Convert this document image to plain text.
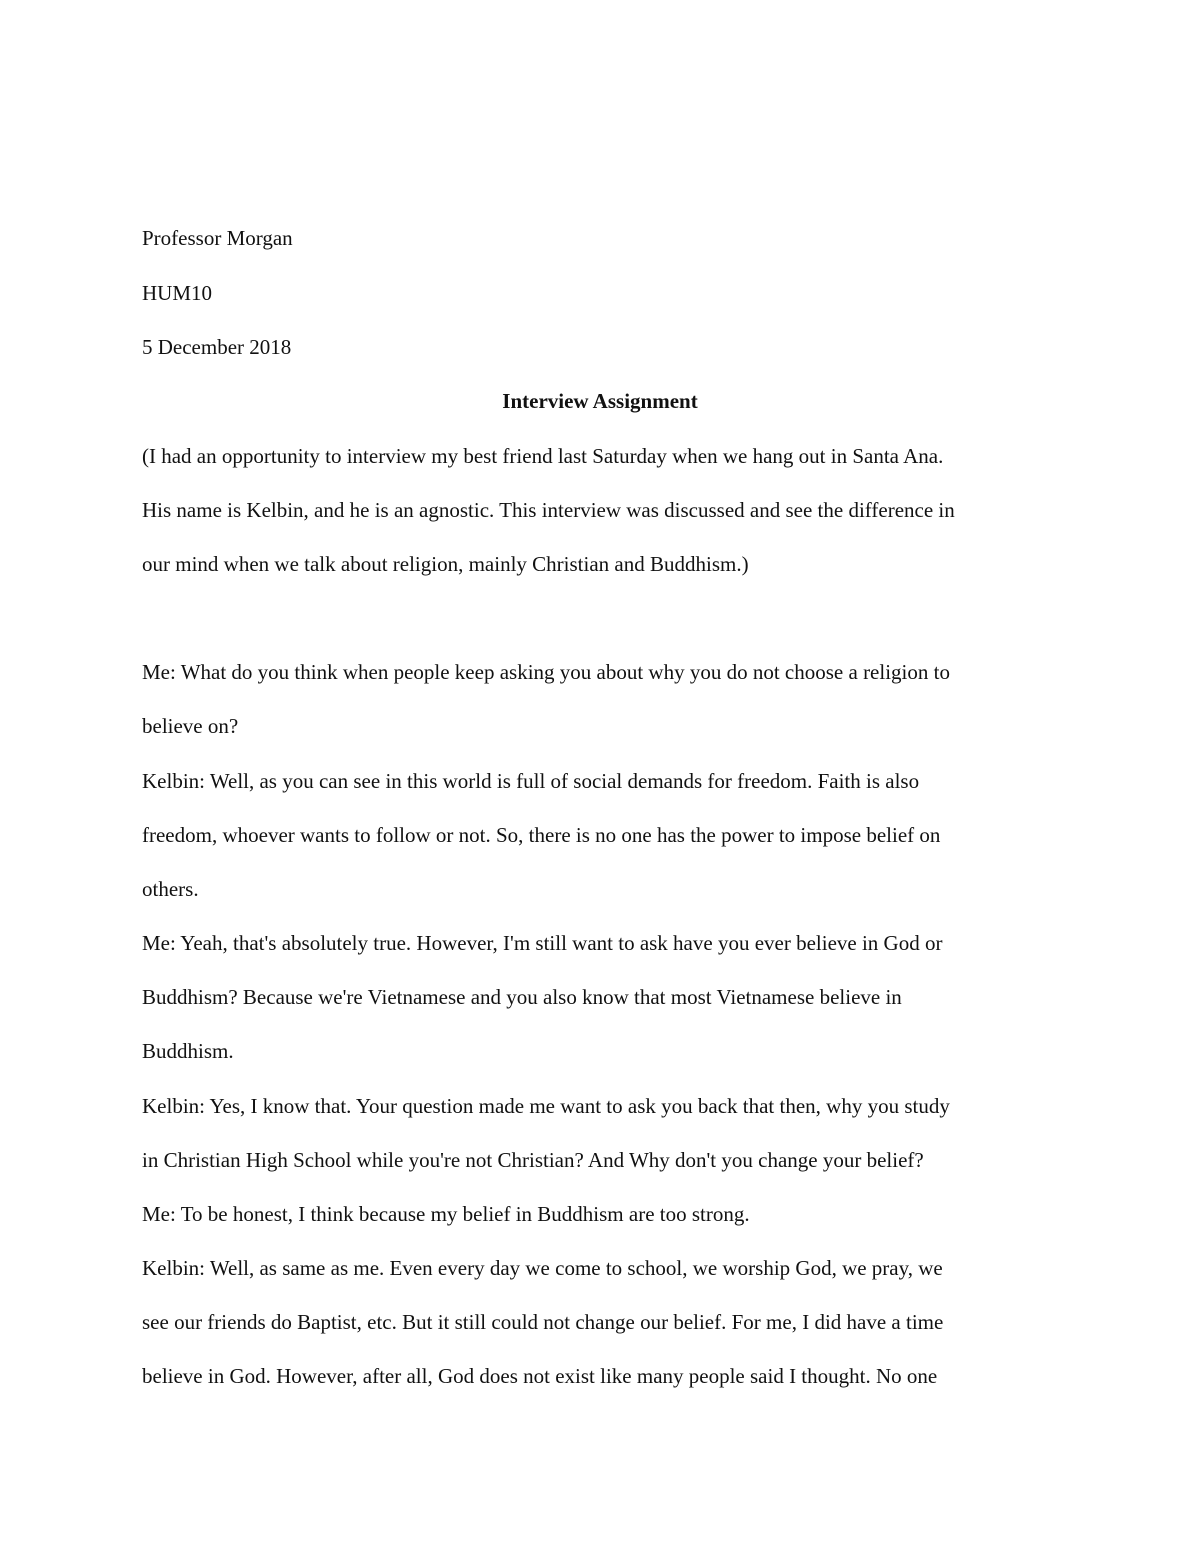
Professor Morgan

HUM10

5 December 2018

Interview Assignment

(I had an opportunity to interview my best friend last Saturday when we hang out in Santa Ana.

His name is Kelbin, and he is an agnostic. This interview was discussed and see the difference in

our mind when we talk about religion, mainly Christian and Buddhism.)

Me: What do you think when people keep asking you about why you do not choose a religion to

believe on?

Kelbin: Well, as you can see in this world is full of social demands for freedom. Faith is also

freedom, whoever wants to follow or not. So, there is no one has the power to impose belief on

others.

Me: Yeah, that's absolutely true. However, I'm still want to ask have you ever believe in God or

Buddhism? Because we're Vietnamese and you also know that most Vietnamese believe in

Buddhism.

Kelbin: Yes, I know that. Your question made me want to ask you back that then, why you study

in Christian High School while you're not Christian? And Why don't you change your belief?

Me: To be honest, I think because my belief in Buddhism are too strong.

Kelbin: Well, as same as me. Even every day we come to school, we worship God, we pray, we

see our friends do Baptist, etc. But it still could not change our belief. For me, I did have a time

believe in God. However, after all, God does not exist like many people said I thought. No one
